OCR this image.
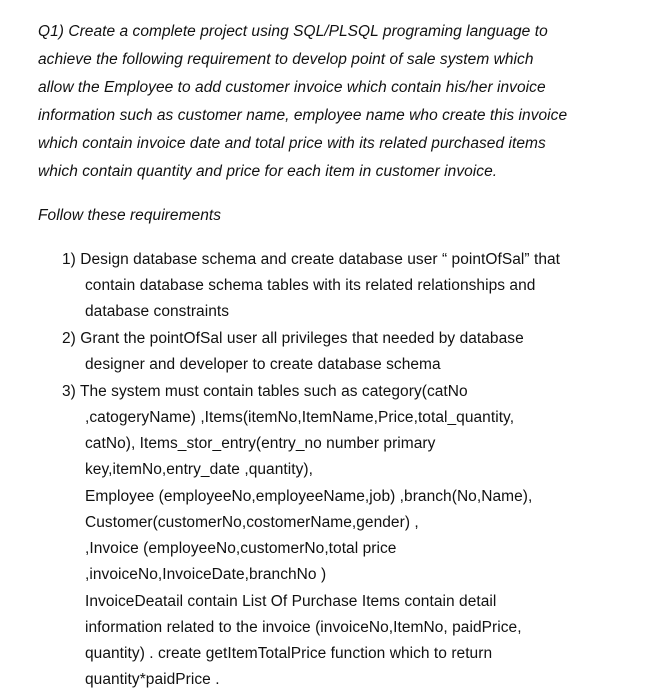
Q1) Create a complete project using SQL/PLSQL programing language to
achieve the following requirement to develop point of sale system which
allow the Employee to add customer invoice which contain his/her invoice
information such as customer name, employee name who create this invoice
which contain invoice date and total price with its related purchased items
which contain quantity and price for each item in customer invoice.
Follow these requirements
1) Design database schema and create database user “ pointOfSal” that
contain database schema tables with its related relationships and
database constraints
2) Grant the pointOfSal user all privileges that needed by database
designer and developer to create database schema
3) The system must contain tables such as category(catNo
,catogeryName) ,Items(itemNo,ItemName,Price,total_quantity,
catNo), Items_stor_entry(entry_no number primary
key,itemNo,entry_date ,quantity),
Employee (employeeNo,employeeName,job) ,branch(No,Name),
Customer(customerNo,costomerName,gender) ,
,Invoice (employeeNo,customerNo,total price
,invoiceNo,InvoiceDate,branchNo )
InvoiceDeatail contain List Of Purchase Items contain detail
information related to the invoice (invoiceNo,ItemNo, paidPrice,
quantity) . create getItemTotalPrice function which to return
quantity*paidPrice .
